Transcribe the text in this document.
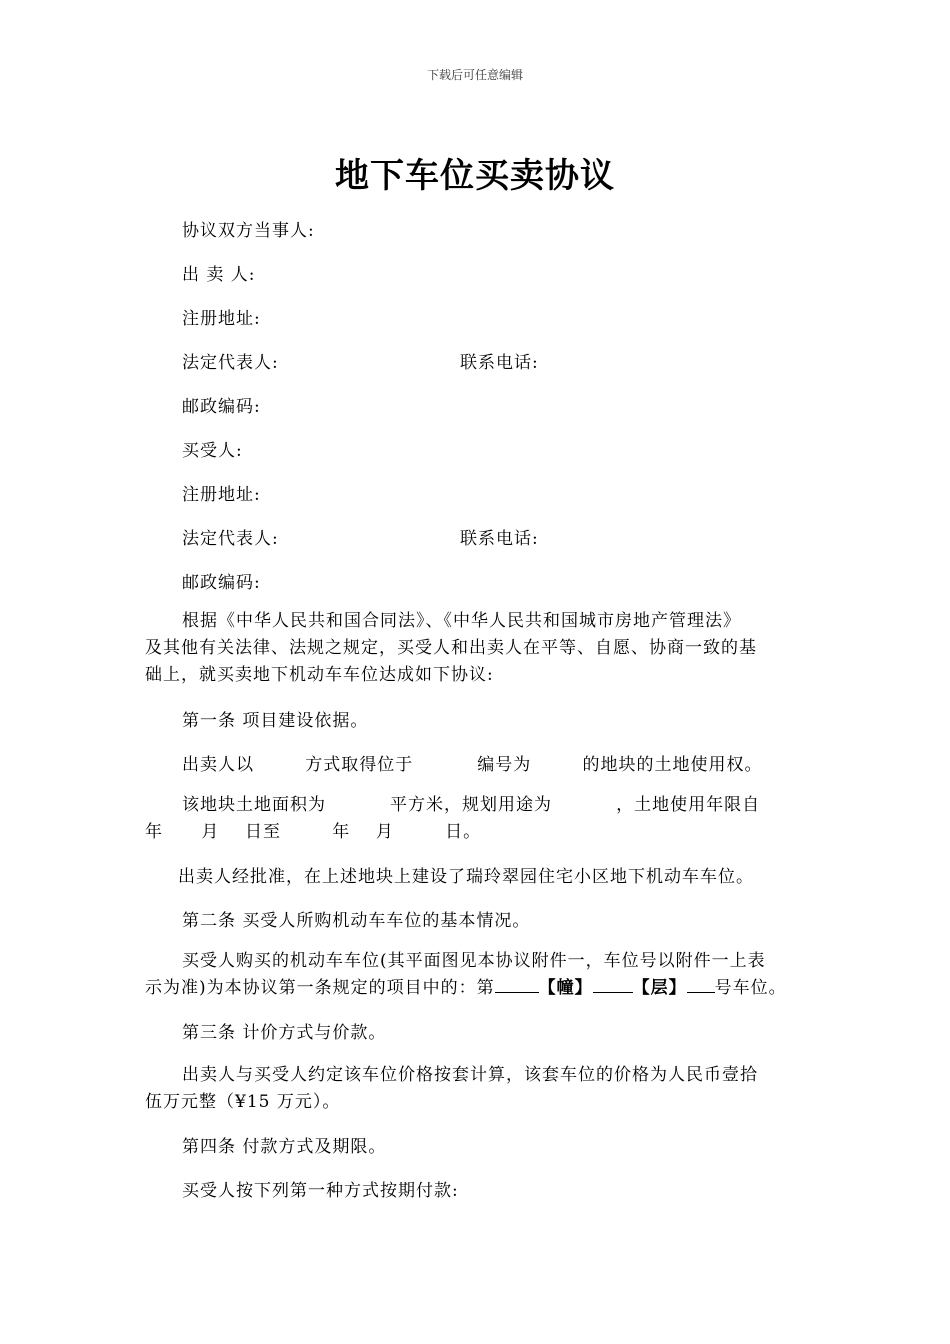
下载后可任意编辑
地下车位买卖协议
协议双方当事人:
出 卖 人:
注册地址:
法定代表人:	联系电话:
邮政编码:
买受人:
注册地址:
法定代表人:	联系电话:
邮政编码:
根据《中华人民共和国合同法》、《中华人民共和国城市房地产管理法》
及其他有关法律、法规之规定，买受人和出卖人在平等、自愿、协商一致的基
础上，就买卖地下机动车车位达成如下协议:
第一条 项目建设依据。
出卖人以        方式取得位于          编号为        的地块的土地使用权。
该地块土地面积为          平方米，规划用途为          ，土地使用年限自
年      月    日至        年    月        日。
出卖人经批准，在上述地块上建设了瑞玲翠园住宅小区地下机动车车位。
第二条 买受人所购机动车车位的基本情况。
买受人购买的机动车车位(其平面图见本协议附件一，车位号以附件一上表
示为准)为本协议第一条规定的项目中的：第	【幢】 【层】 号车位。
第三条 计价方式与价款。
出卖人与买受人约定该车位价格按套计算，该套车位的价格为人民币壹拾
伍万元整（¥15 万元）。
第四条 付款方式及期限。
买受人按下列第一种方式按期付款:
